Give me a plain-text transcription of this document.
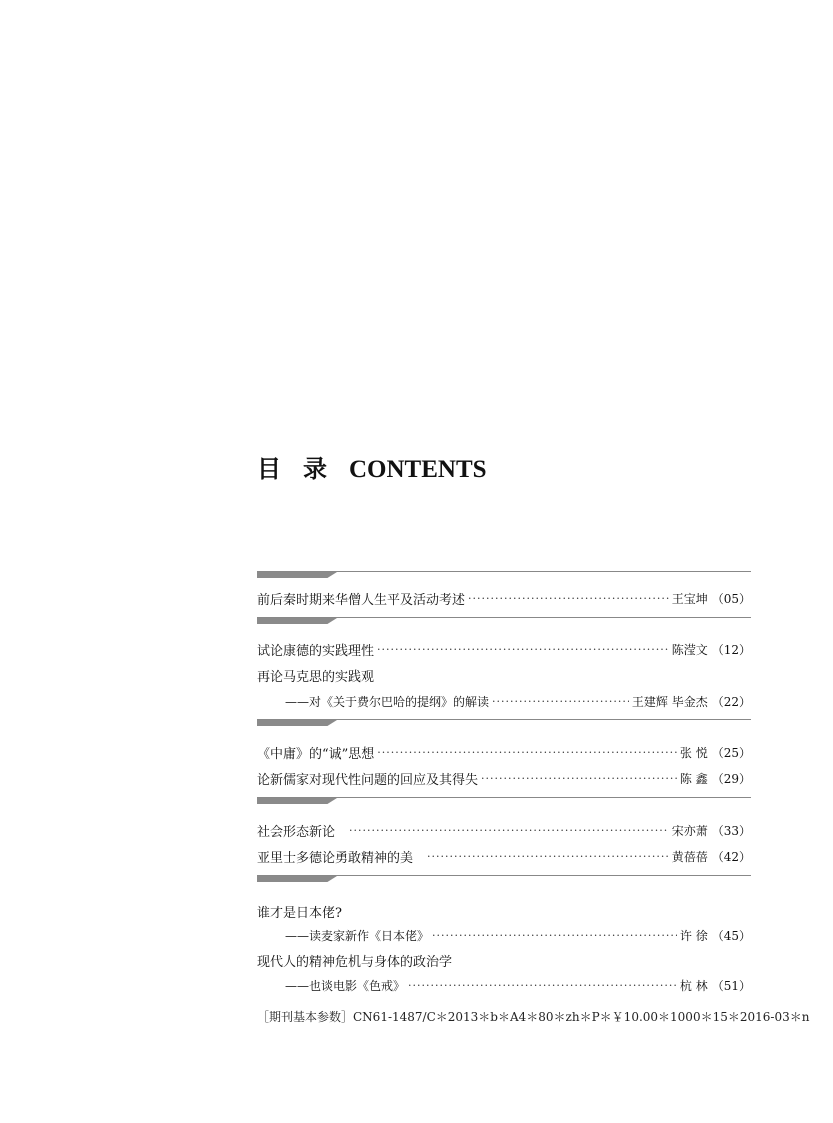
目录CONTENTS
前后秦时期来华僧人生平及活动考述 ·····	王宝坤 （05）
试论康德的实践理性 ·····	陈滢文 （12）
再论马克思的实践观
——对《关于费尔巴哈的提纲》的解读 ·····	王建辉 毕金杰 （22）
《中庸》的“诚”思想 ·····	张 悦 （25）
论新儒家对现代性问题的回应及其得失 ·····	陈 鑫 （29）
社会形态新论 ·····	宋亦萧 （33）
亚里士多德论勇敢精神的美 ·····	黄蓓蓓 （42）
谁才是日本佬?
——读麦家新作《日本佬》 ·····	许 徐 （45）
现代人的精神危机与身体的政治学
——也谈电影《色戒》 ·····	杭 林 （51）
［期刊基本参数］CN61-1487/C＊2013＊b＊A4＊80＊zh＊P＊￥10.00＊1000＊15＊2016-03＊n
